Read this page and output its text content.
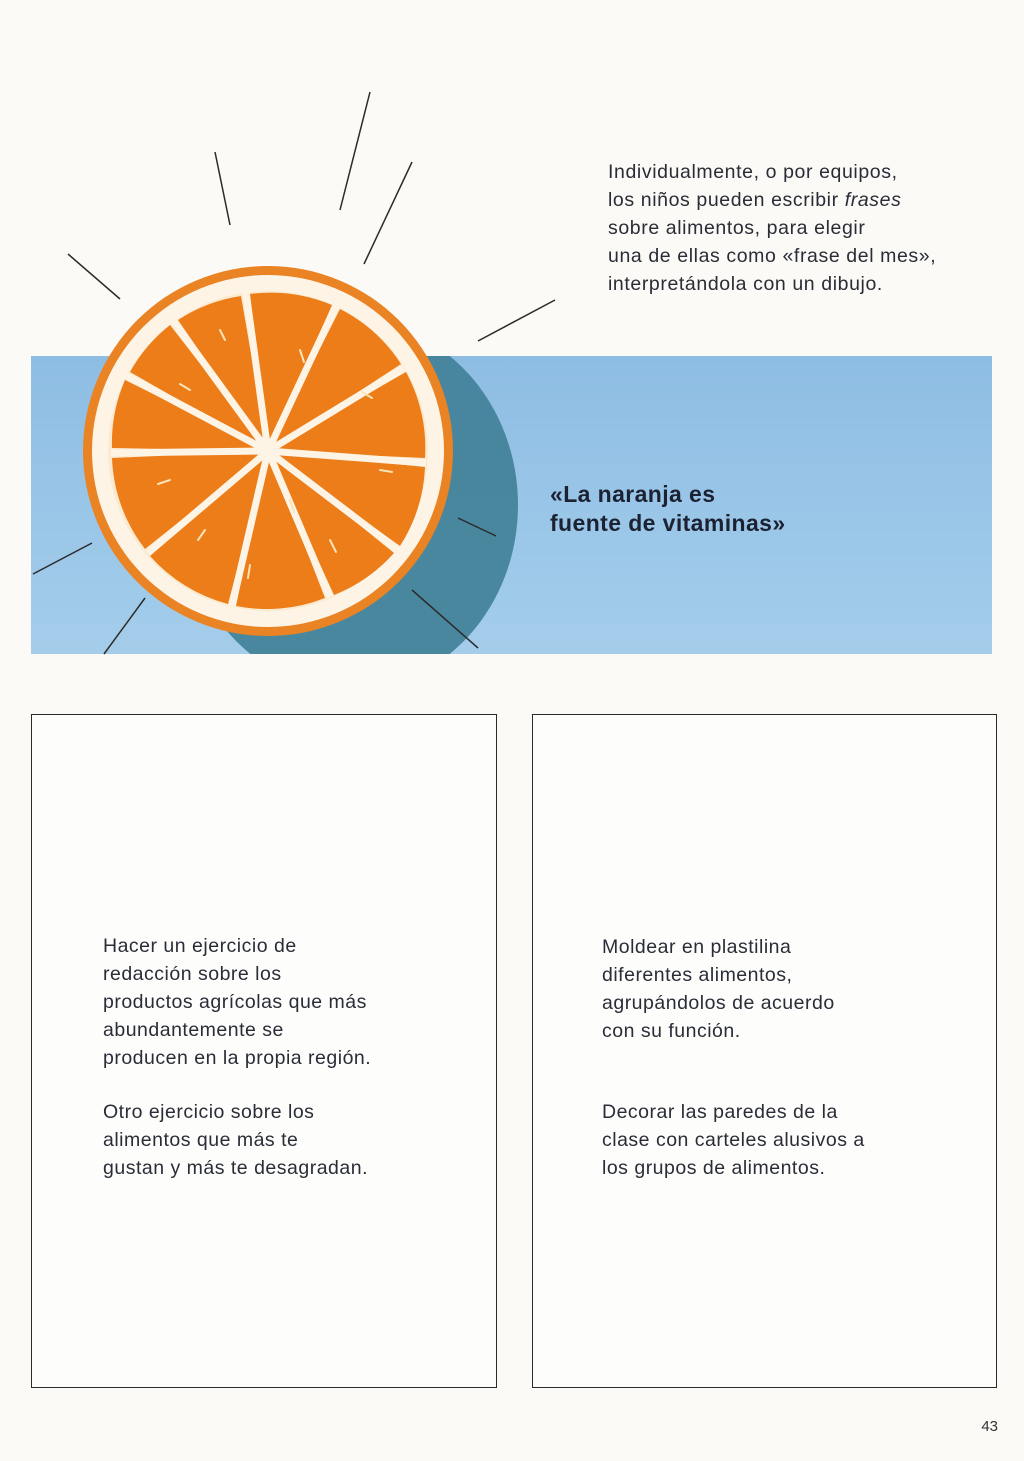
Individualmente, o por equipos,
los niños pueden escribir frases
sobre alimentos, para elegir
una de ellas como «frase del mes»,
interpretándola con un dibujo.
«La naranja es
fuente de vitaminas»
Hacer un ejercicio de
redacción sobre los
productos agrícolas que más
abundantemente se
producen en la propia región.
Otro ejercicio sobre los
alimentos que más te
gustan y más te desagradan.
Moldear en plastilina
diferentes alimentos,
agrupándolos de acuerdo
con su función.
Decorar las paredes de la
clase con carteles alusivos a
los grupos de alimentos.
43
